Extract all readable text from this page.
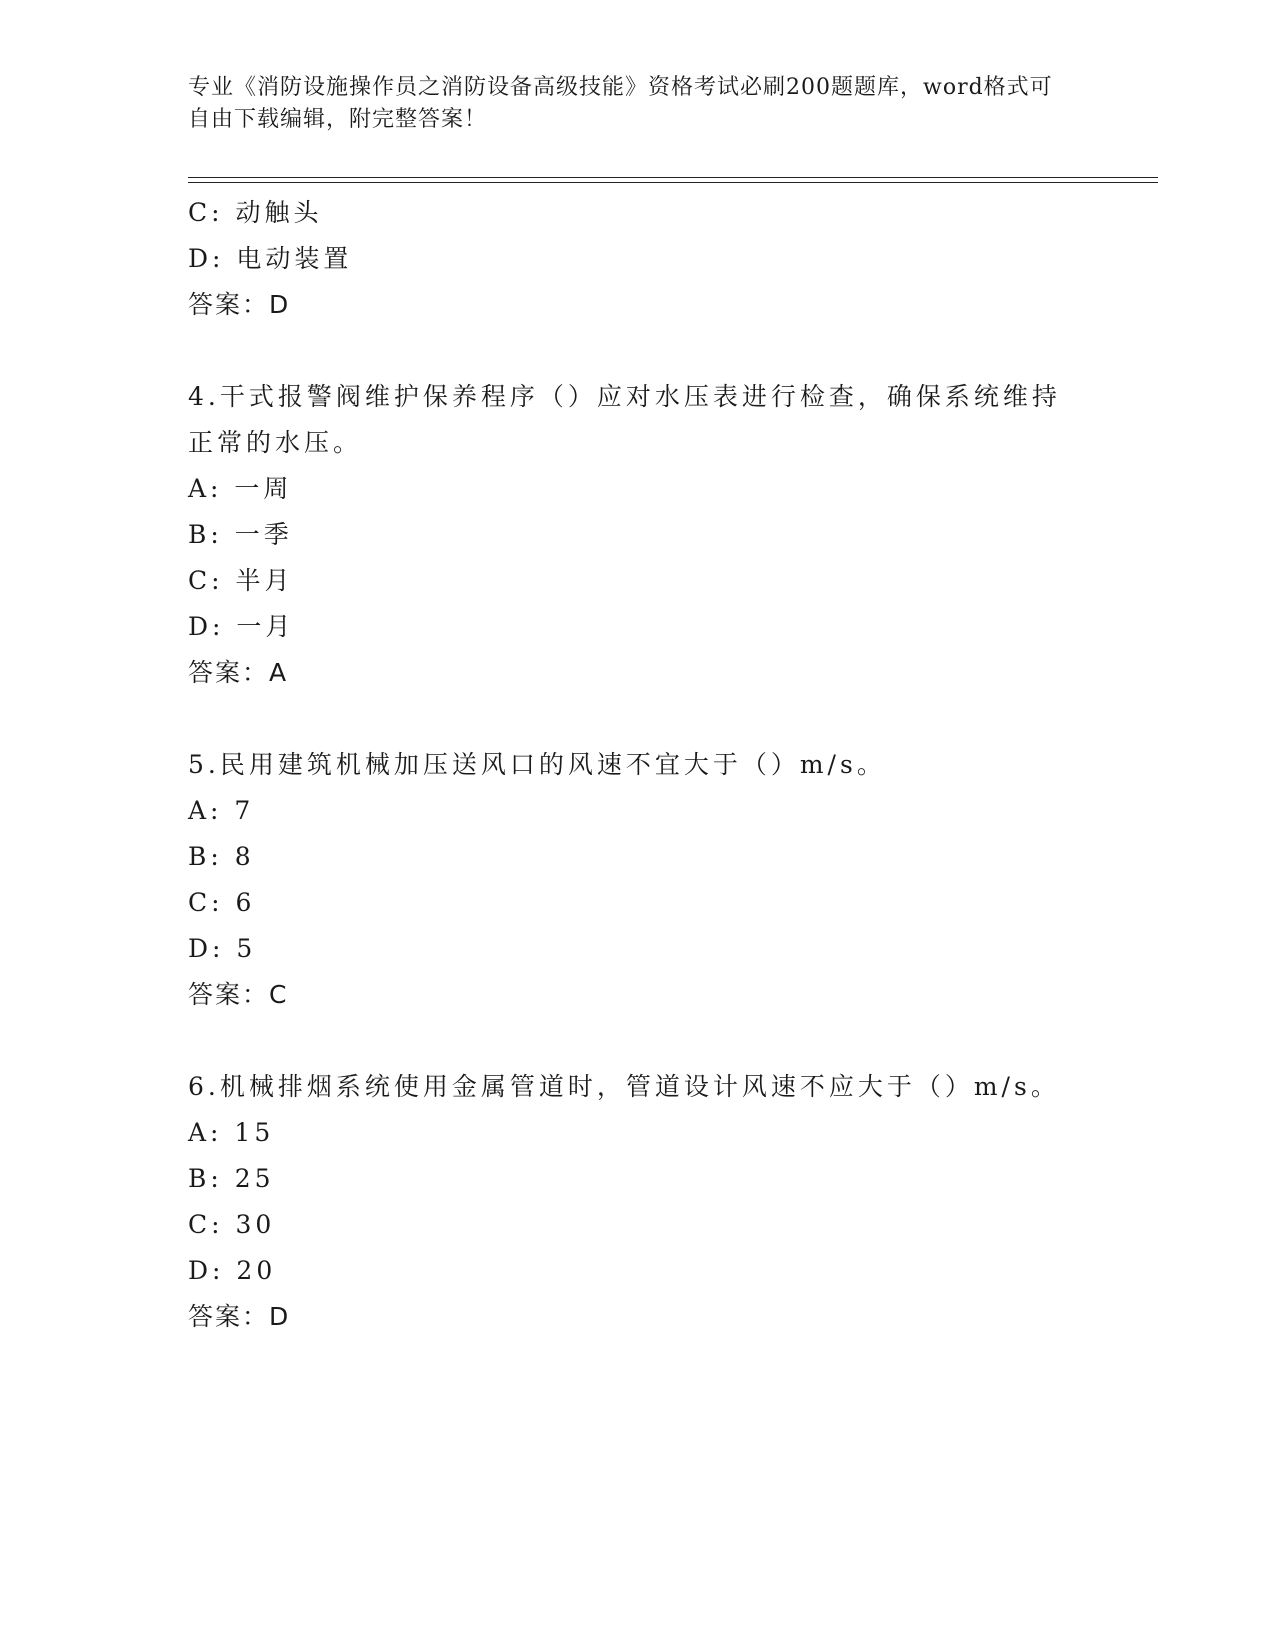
专业《消防设施操作员之消防设备高级技能》资格考试必刷200题题库，word格式可自由下载编辑，附完整答案！
C: 动触头
D: 电动装置
答案：D
4.干式报警阀维护保养程序（）应对水压表进行检查，确保系统维持正常的水压。
A: 一周
B: 一季
C: 半月
D: 一月
答案：A
5.民用建筑机械加压送风口的风速不宜大于（）m/s。
A: 7
B: 8
C: 6
D: 5
答案：C
6.机械排烟系统使用金属管道时，管道设计风速不应大于（）m/s。
A: 15
B: 25
C: 30
D: 20
答案：D
